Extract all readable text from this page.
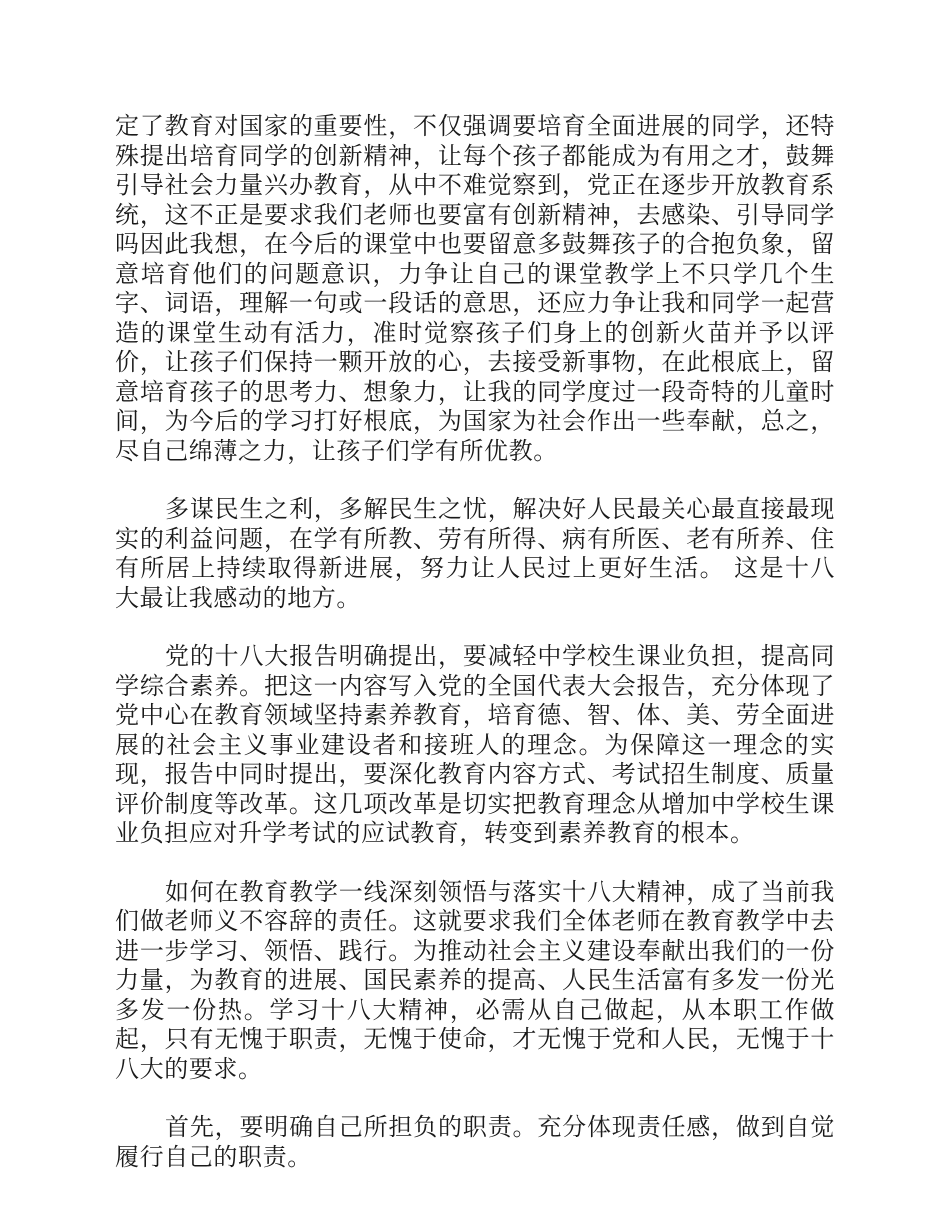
定了教育对国家的重要性，不仅强调要培育全面进展的同学，还特殊提出培育同学的创新精神，让每个孩子都能成为有用之才，鼓舞引导社会力量兴办教育，从中不难觉察到，党正在逐步开放教育系统，这不正是要求我们老师也要富有创新精神，去感染、引导同学吗因此我想，在今后的课堂中也要留意多鼓舞孩子的合抱负象，留意培育他们的问题意识，力争让自己的课堂教学上不只学几个生字、词语，理解一句或一段话的意思，还应力争让我和同学一起营造的课堂生动有活力，准时觉察孩子们身上的创新火苗并予以评价，让孩子们保持一颗开放的心，去接受新事物，在此根底上，留意培育孩子的思考力、想象力，让我的同学度过一段奇特的儿童时间，为今后的学习打好根底，为国家为社会作出一些奉献，总之，尽自己绵薄之力，让孩子们学有所优教。

多谋民生之利，多解民生之忧，解决好人民最关心最直接最现实的利益问题，在学有所教、劳有所得、病有所医、老有所养、住有所居上持续取得新进展，努力让人民过上更好生活。 这是十八大最让我感动的地方。

党的十八大报告明确提出，要减轻中学校生课业负担，提高同学综合素养。把这一内容写入党的全国代表大会报告，充分体现了党中心在教育领域坚持素养教育，培育德、智、体、美、劳全面进展的社会主义事业建设者和接班人的理念。为保障这一理念的实现，报告中同时提出，要深化教育内容方式、考试招生制度、质量评价制度等改革。这几项改革是切实把教育理念从增加中学校生课业负担应对升学考试的应试教育，转变到素养教育的根本。

如何在教育教学一线深刻领悟与落实十八大精神，成了当前我们做老师义不容辞的责任。这就要求我们全体老师在教育教学中去进一步学习、领悟、践行。为推动社会主义建设奉献出我们的一份力量，为教育的进展、国民素养的提高、人民生活富有多发一份光多发一份热。学习十八大精神，必需从自己做起，从本职工作做起，只有无愧于职责，无愧于使命，才无愧于党和人民，无愧于十八大的要求。

首先，要明确自己所担负的职责。充分体现责任感，做到自觉履行自己的职责。
